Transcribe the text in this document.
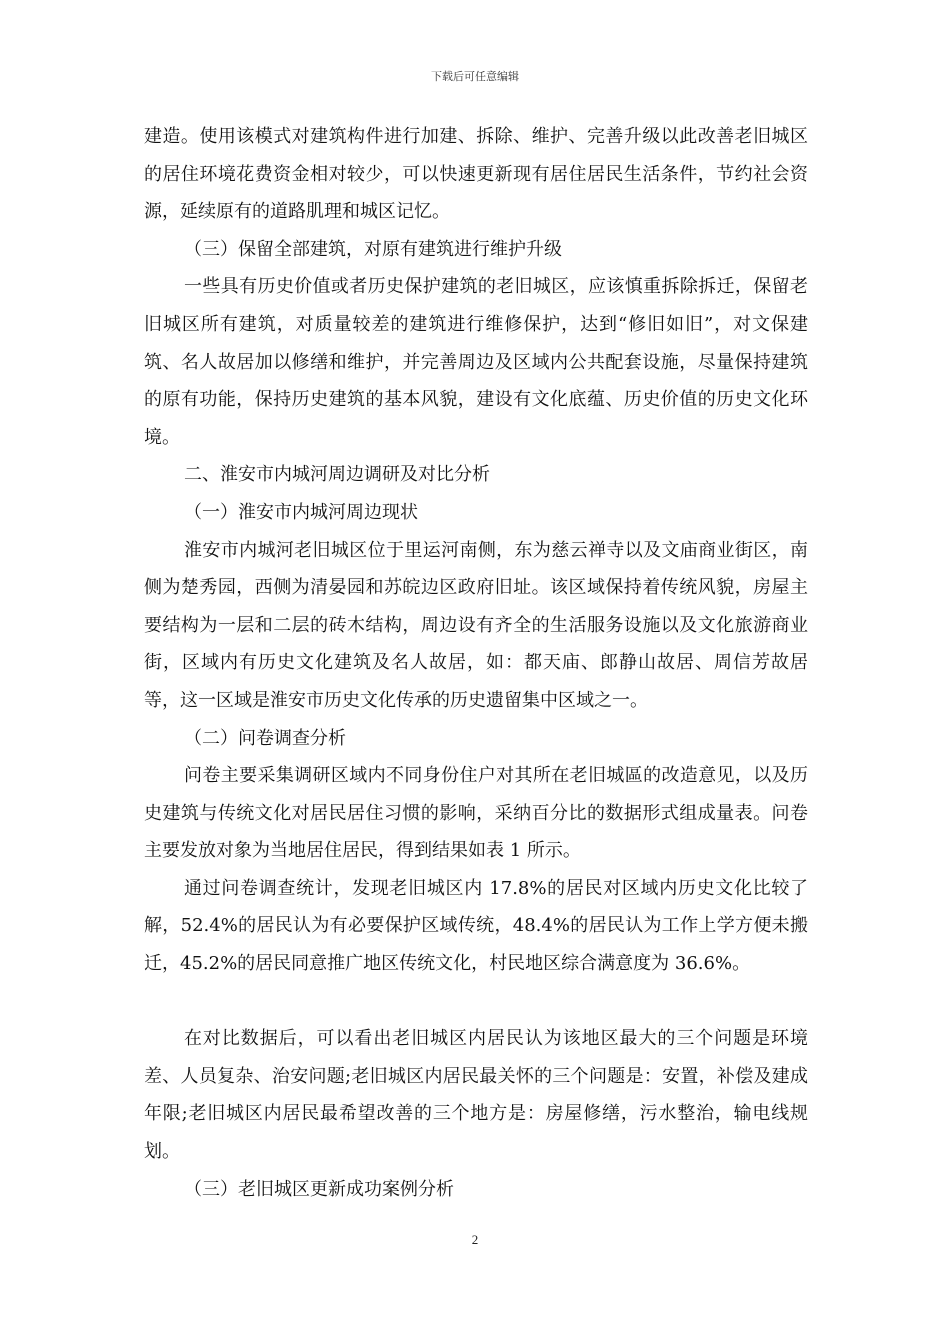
下载后可任意编辑

建造。使用该模式对建筑构件进行加建、拆除、维护、完善升级以此改善老旧城区的居住环境花费资金相对较少，可以快速更新现有居住居民生活条件，节约社会资源，延续原有的道路肌理和城区记忆。

（三）保留全部建筑，对原有建筑进行维护升级

一些具有历史价值或者历史保护建筑的老旧城区，应该慎重拆除拆迁，保留老旧城区所有建筑，对质量较差的建筑进行维修保护，达到“修旧如旧”，对文保建筑、名人故居加以修缮和维护，并完善周边及区域内公共配套设施，尽量保持建筑的原有功能，保持历史建筑的基本风貌，建设有文化底蕴、历史价值的历史文化环境。

二、淮安市内城河周边调研及对比分析

（一）淮安市内城河周边现状

淮安市内城河老旧城区位于里运河南侧，东为慈云禅寺以及文庙商业街区，南侧为楚秀园，西侧为清晏园和苏皖边区政府旧址。该区域保持着传统风貌，房屋主要结构为一层和二层的砖木结构，周边设有齐全的生活服务设施以及文化旅游商业街，区域内有历史文化建筑及名人故居，如：都天庙、郎静山故居、周信芳故居等，这一区域是淮安市历史文化传承的历史遗留集中区域之一。

（二）问卷调查分析

问卷主要采集调研区域内不同身份住户对其所在老旧城區的改造意见，以及历史建筑与传统文化对居民居住习惯的影响，采纳百分比的数据形式组成量表。问卷主要发放对象为当地居住居民，得到结果如表 1 所示。

通过问卷调查统计，发现老旧城区内 17.8%的居民对区域内历史文化比较了解，52.4%的居民认为有必要保护区域传统，48.4%的居民认为工作上学方便未搬迁，45.2%的居民同意推广地区传统文化，村民地区综合满意度为 36.6%。

在对比数据后，可以看出老旧城区内居民认为该地区最大的三个问题是环境差、人员复杂、治安问题;老旧城区内居民最关怀的三个问题是：安置，补偿及建成年限;老旧城区内居民最希望改善的三个地方是：房屋修缮，污水整治，输电线规划。

（三）老旧城区更新成功案例分析

2
